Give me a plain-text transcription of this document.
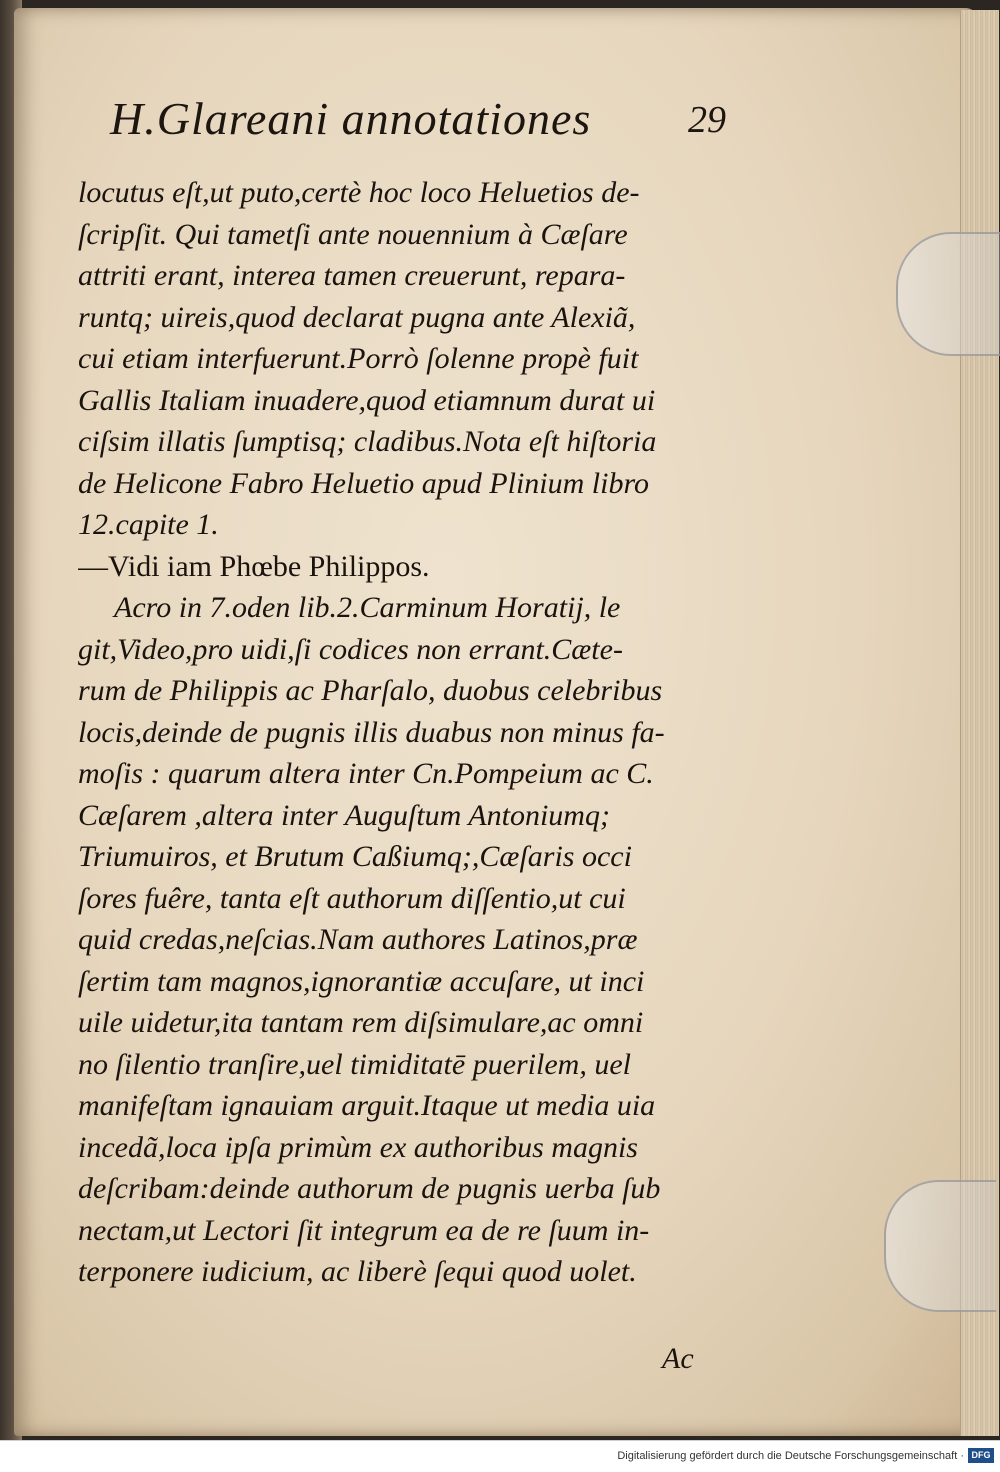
H.Glareani annotationes	29
locutus eſt,ut puto,certè hoc loco Heluetios de-
ſcripſit. Qui tametſi ante nouennium à Cæſare
attriti erant, interea tamen creuerunt, repara-
runtq; uireis,quod declarat pugna ante Alexiã,
cui etiam interfuerunt.Porrò ſolenne propè fuit
Gallis Italiam inuadere,quod etiamnum durat ui
ciſsim illatis ſumptisq; cladibus.Nota eſt hiſtoria
de Helicone Fabro Heluetio apud Plinium libro
12.capite 1.
—Vidi iam Phœbe Philippos.
Acro in 7.oden lib.2.Carminum Horatij, le
git,Video,pro uidi,ſi codices non errant.Cæte-
rum de Philippis ac Pharſalo, duobus celebribus
locis,deinde de pugnis illis duabus non minus fa-
moſis : quarum altera inter Cn.Pompeium ac C.
Cæſarem ,altera inter Auguſtum Antoniumq;
Triumuiros, et Brutum Caßiumq;,Cæſaris occi
ſores fuêre, tanta eſt authorum diſſentio,ut cui
quid credas,neſcias.Nam authores Latinos,præ
ſertim tam magnos,ignorantiæ accuſare, ut inci
uile uidetur,ita tantam rem diſsimulare,ac omni
no ſilentio tranſire,uel timiditatē puerilem, uel
manifeſtam ignauiam arguit.Itaque ut media uia
incedã,loca ipſa primùm ex authoribus magnis
deſcribam:deinde authorum de pugnis uerba ſub
nectam,ut Lectori ſit integrum ea de re ſuum in-
terponere iudicium, ac liberè ſequi quod uolet.
Ac
Digitalisierung gefördert durch die Deutsche Forschungsgemeinschaft · DFG
